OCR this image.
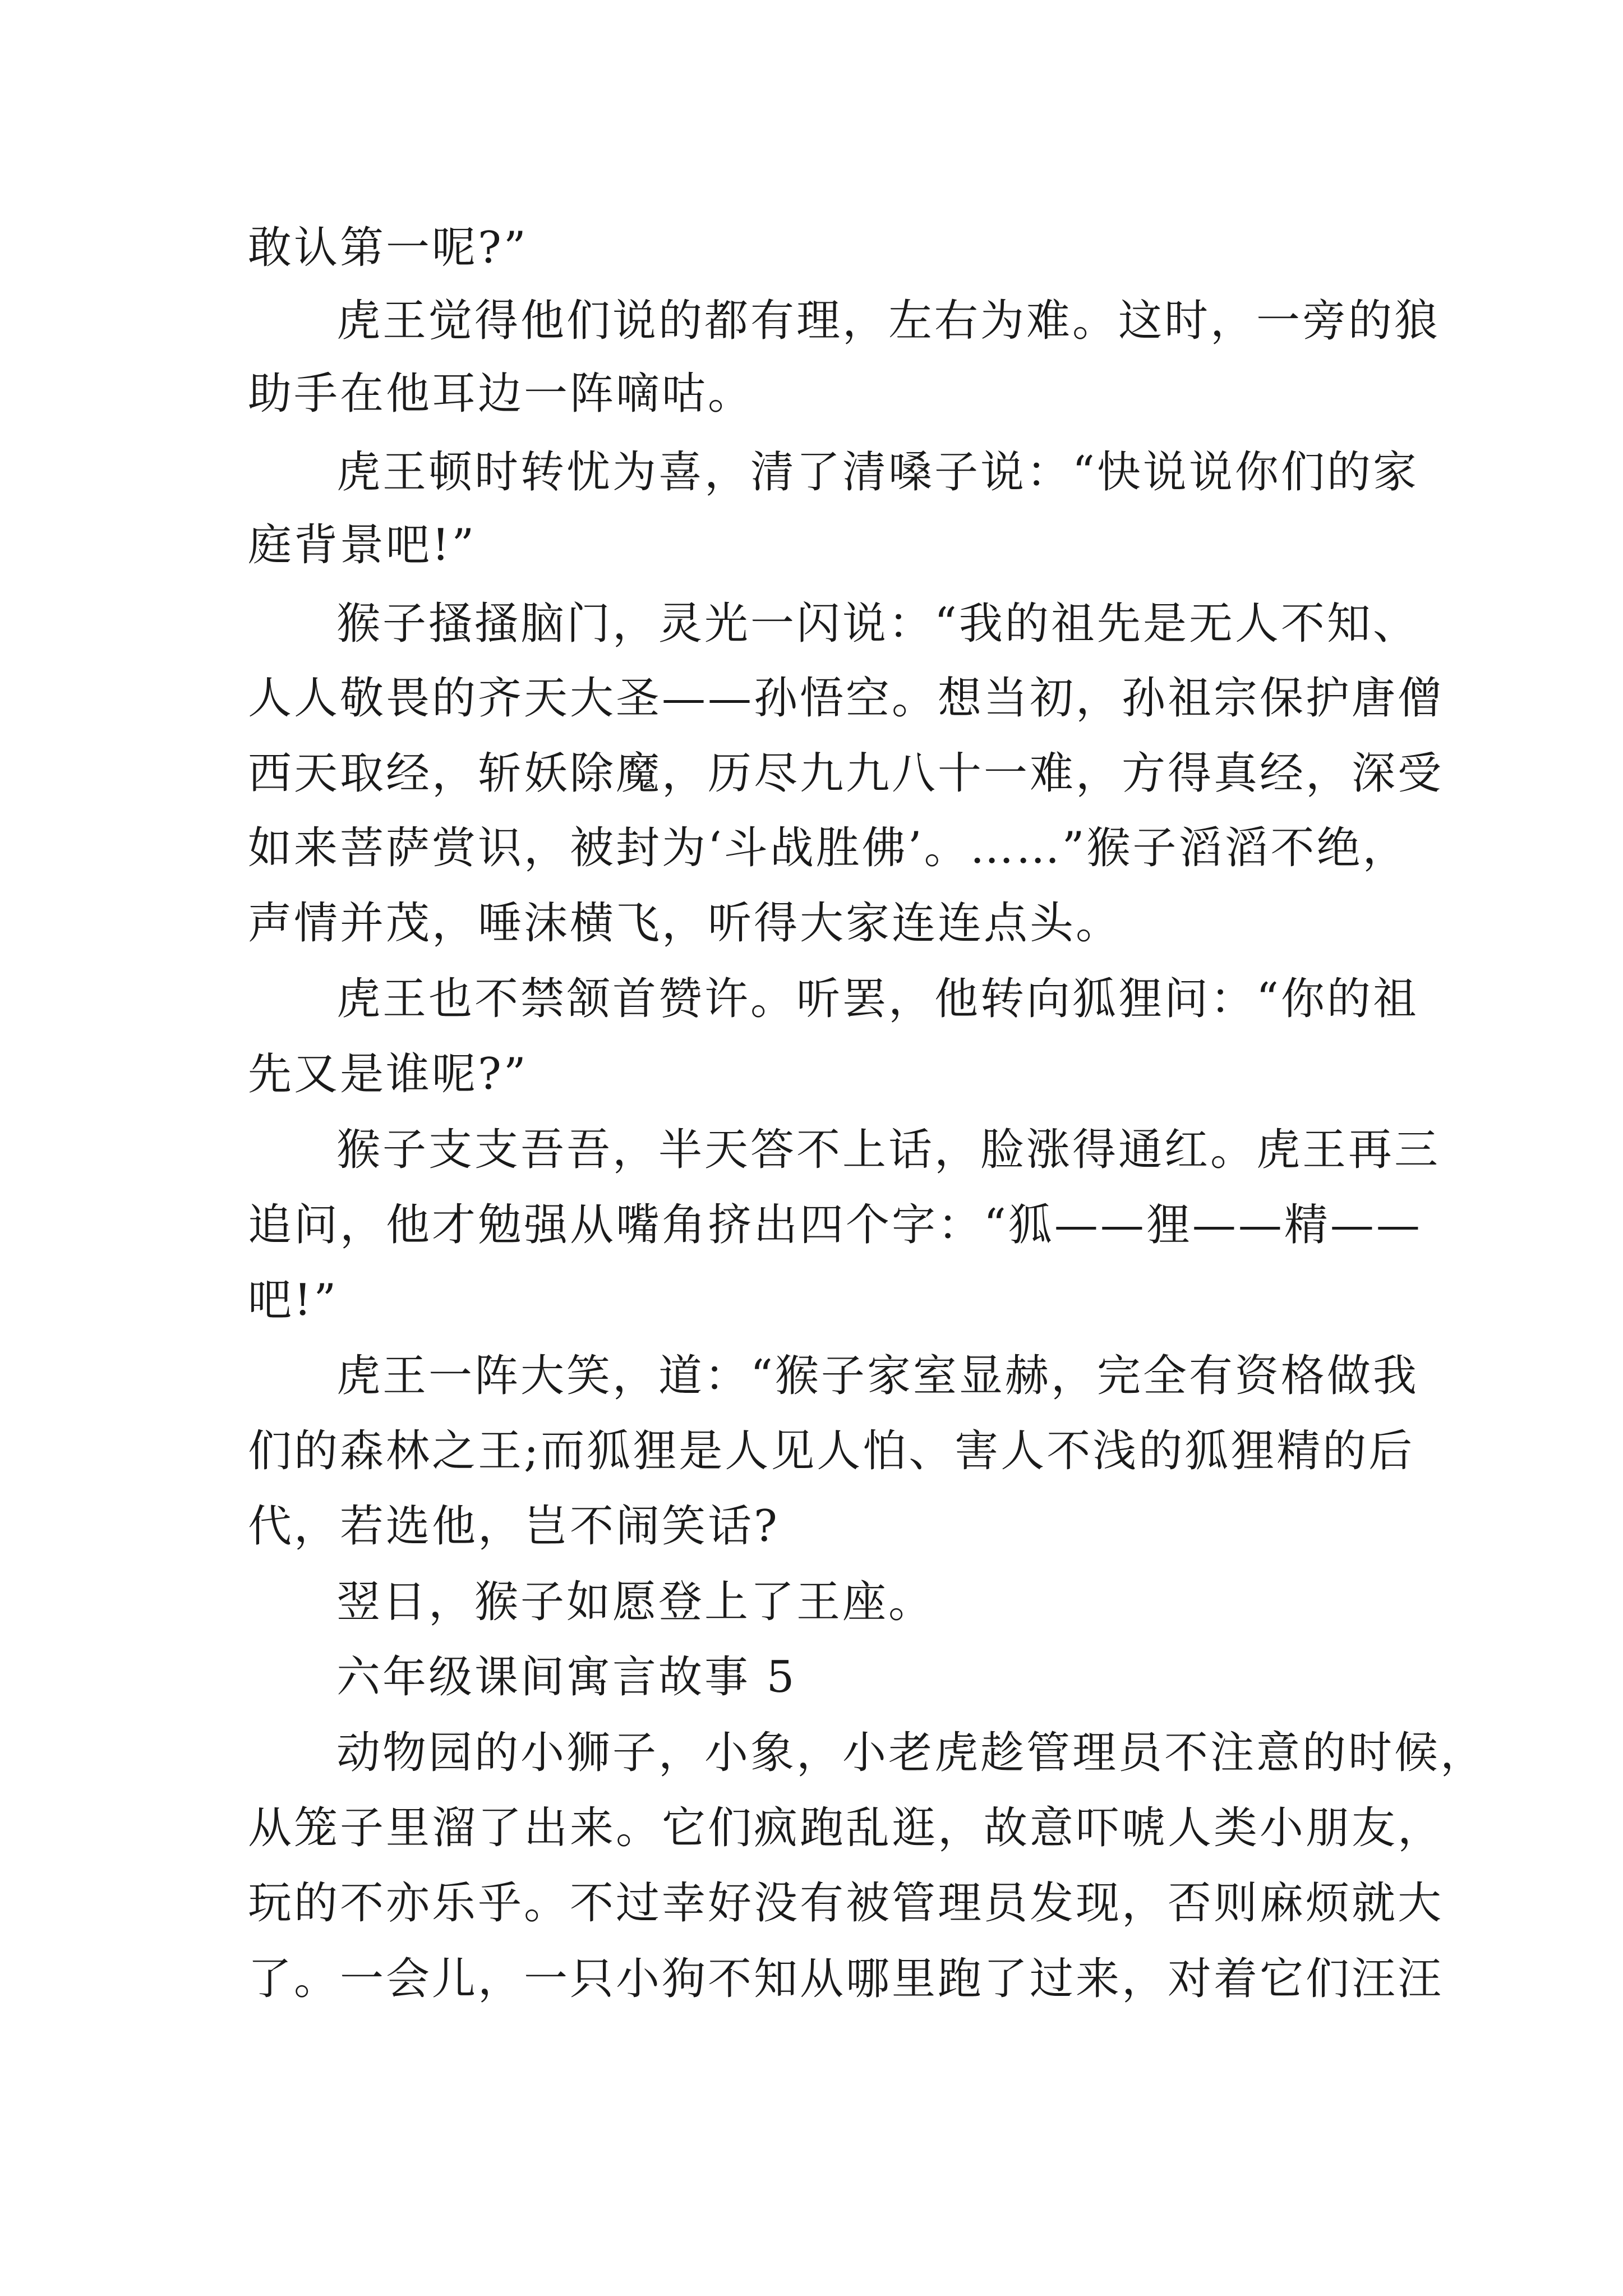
敢认第一呢?”
虎王觉得他们说的都有理，左右为难。这时，一旁的狼
助手在他耳边一阵嘀咕。
虎王顿时转忧为喜，清了清嗓子说：“快说说你们的家
庭背景吧!”
猴子搔搔脑门，灵光一闪说：“我的祖先是无人不知、
人人敬畏的齐天大圣——孙悟空。想当初，孙祖宗保护唐僧
西天取经，斩妖除魔，历尽九九八十一难，方得真经，深受
如来菩萨赏识，被封为‘斗战胜佛’。……”猴子滔滔不绝，
声情并茂，唾沫横飞，听得大家连连点头。
虎王也不禁颔首赞许。听罢，他转向狐狸问：“你的祖
先又是谁呢?”
猴子支支吾吾，半天答不上话，脸涨得通红。虎王再三
追问，他才勉强从嘴角挤出四个字：“狐——狸——精——
吧!”
虎王一阵大笑，道：“猴子家室显赫，完全有资格做我
们的森林之王;而狐狸是人见人怕、害人不浅的狐狸精的后
代，若选他，岂不闹笑话?
翌日，猴子如愿登上了王座。
六年级课间寓言故事 5
动物园的小狮子，小象，小老虎趁管理员不注意的时候，
从笼子里溜了出来。它们疯跑乱逛，故意吓唬人类小朋友，
玩的不亦乐乎。不过幸好没有被管理员发现，否则麻烦就大
了。一会儿，一只小狗不知从哪里跑了过来，对着它们汪汪
